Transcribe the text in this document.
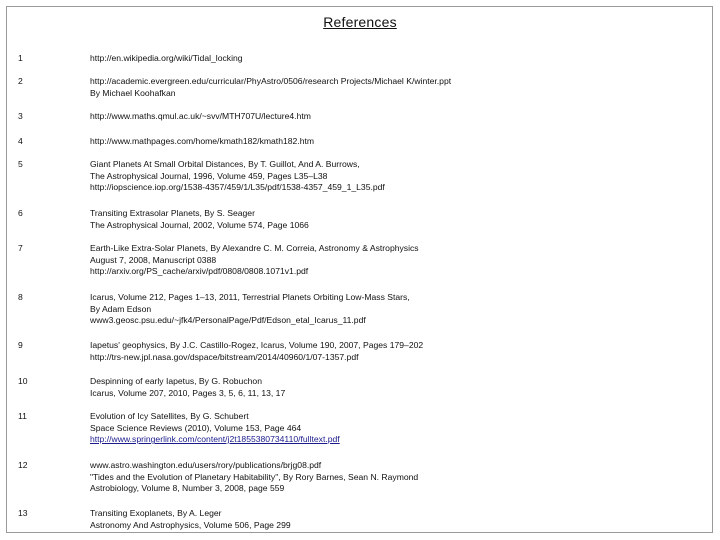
References
1	http://en.wikipedia.org/wiki/Tidal_locking
2	http://academic.evergreen.edu/curricular/PhyAstro/0506/research Projects/Michael K/winter.ppt
By Michael Koohafkan
3	http://www.maths.qmul.ac.uk/~svv/MTH707U/lecture4.htm
4	http://www.mathpages.com/home/kmath182/kmath182.htm
5	Giant Planets At Small Orbital Distances, By T. Guillot, And A. Burrows,
The Astrophysical Journal, 1996, Volume 459, Pages L35–L38
http://iopscience.iop.org/1538-4357/459/1/L35/pdf/1538-4357_459_1_L35.pdf
6	Transiting Extrasolar Planets, By S. Seager
The Astrophysical Journal, 2002, Volume 574, Page 1066
7	Earth-Like Extra-Solar Planets, By Alexandre C. M. Correia, Astronomy & Astrophysics
August 7, 2008, Manuscript 0388
http://arxiv.org/PS_cache/arxiv/pdf/0808/0808.1071v1.pdf
8	Icarus, Volume 212, Pages 1–13, 2011, Terrestrial Planets Orbiting Low-Mass Stars,
By Adam Edson
www3.geosc.psu.edu/~jfk4/PersonalPage/Pdf/Edson_etal_Icarus_11.pdf
9	Iapetus' geophysics, By J.C. Castillo-Rogez, Icarus, Volume 190, 2007, Pages 179–202
http://trs-new.jpl.nasa.gov/dspace/bitstream/2014/40960/1/07-1357.pdf
10	Despinning of early Iapetus, By G. Robuchon
Icarus, Volume 207, 2010, Pages 3, 5, 6, 11, 13, 17
11	Evolution of Icy Satellites, By G. Schubert
Space Science Reviews (2010), Volume 153, Page 464
http://www.springerlink.com/content/j2t1855380734110/fulltext.pdf
12	www.astro.washington.edu/users/rory/publications/brjg08.pdf
"Tides and the Evolution of Planetary Habitability", By Rory Barnes, Sean N. Raymond
Astrobiology, Volume 8, Number 3, 2008, page 559
13	Transiting Exoplanets, By A. Leger
Astronomy And Astrophysics, Volume 506, Page 299
